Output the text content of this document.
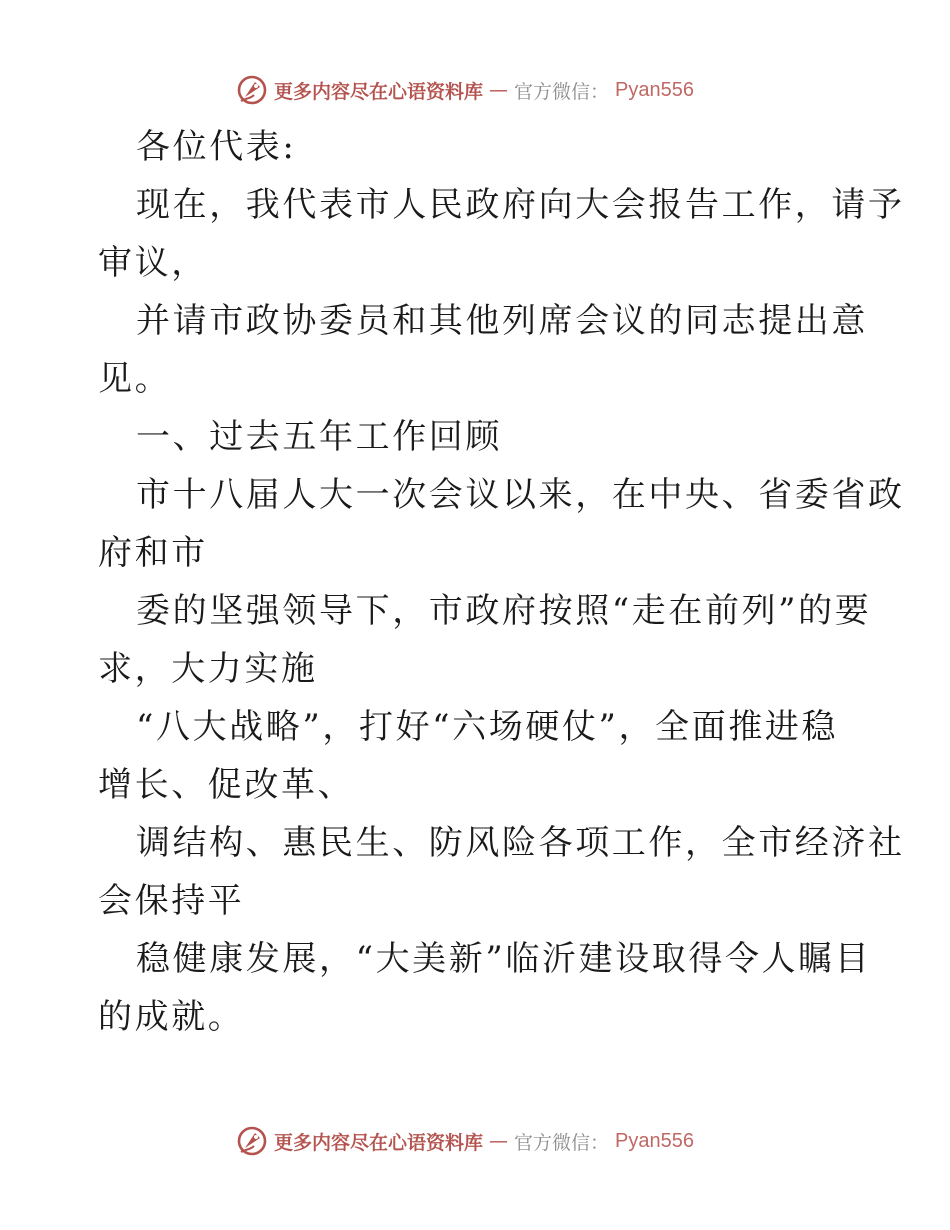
更多内容尽在心语资料库 — 官方微信： Pyan556

各位代表:

现在，我代表市人民政府向大会报告工作，请予

审议，

并请市政协委员和其他列席会议的同志提出意

见。

一、过去五年工作回顾

市十八届人大一次会议以来，在中央、省委省政

府和市

委的坚强领导下，市政府按照“走在前列”的要

求，大力实施

“八大战略”，打好“六场硬仗”，全面推进稳

增长、促改革、

调结构、惠民生、防风险各项工作，全市经济社

会保持平

稳健康发展，“大美新”临沂建设取得令人瞩目

的成就。

更多内容尽在心语资料库 — 官方微信： Pyan556
